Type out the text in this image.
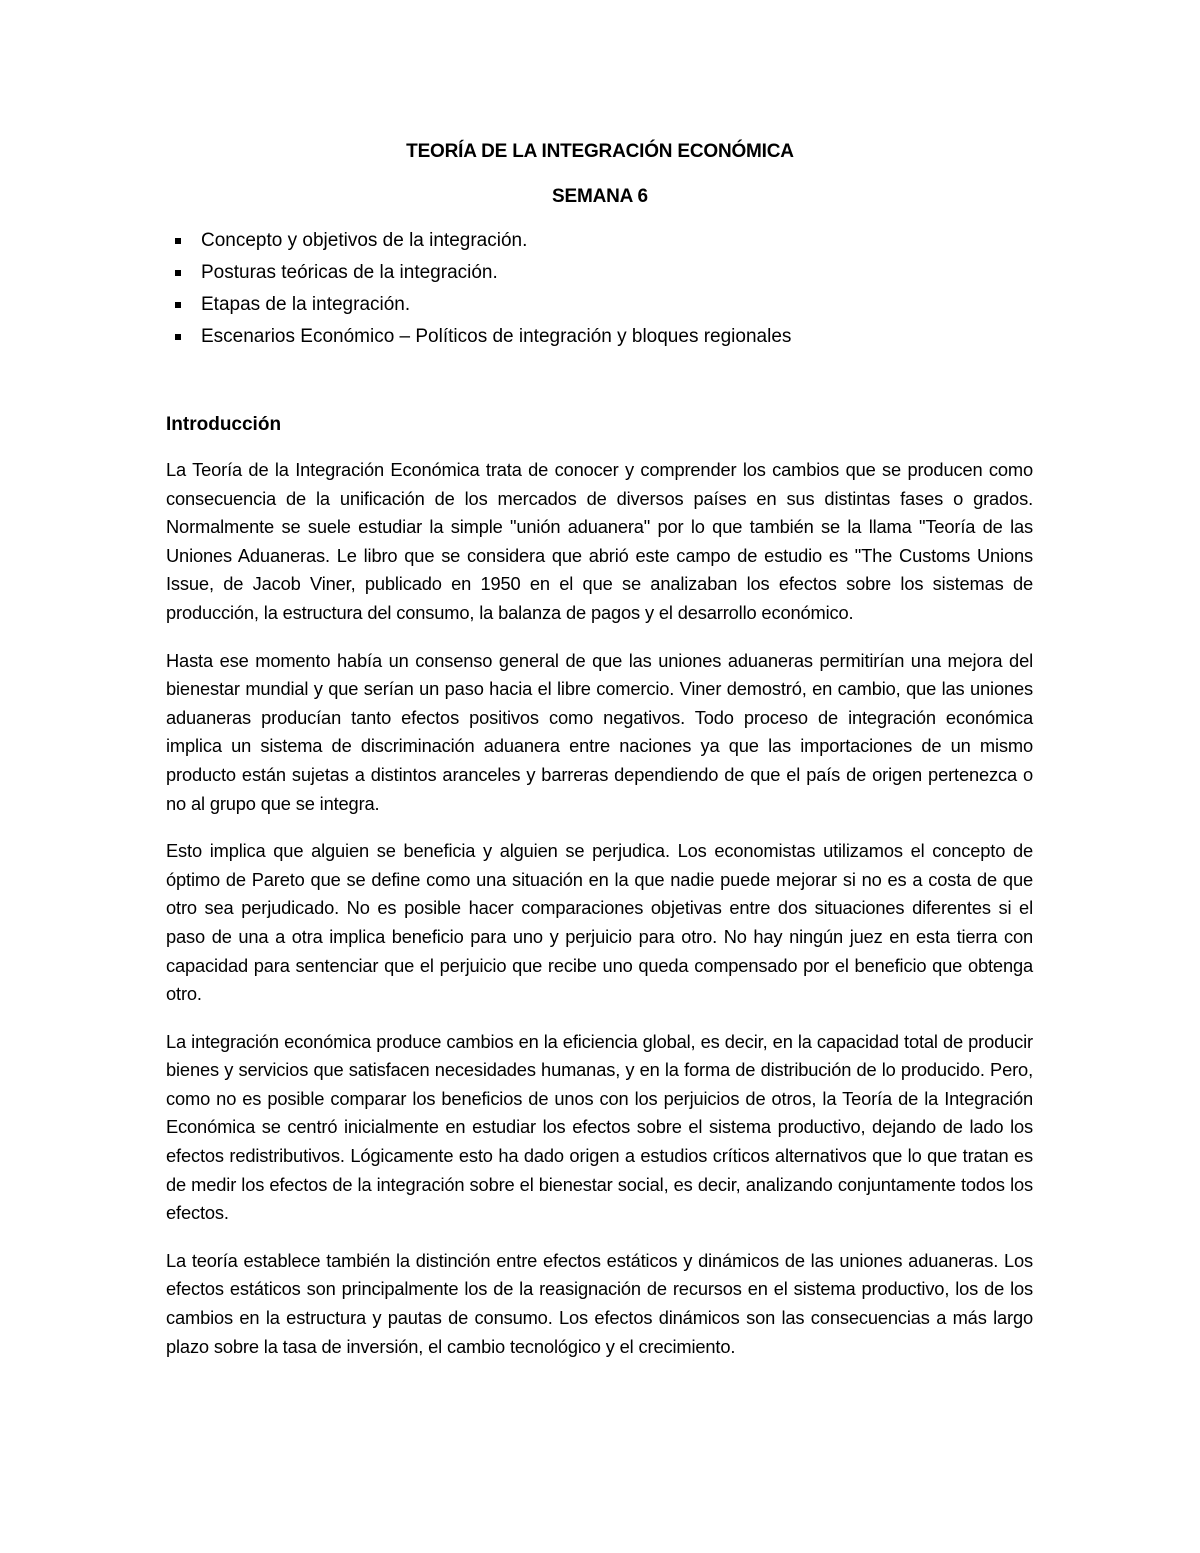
TEORÍA DE LA INTEGRACIÓN ECONÓMICA
SEMANA 6
Concepto y objetivos de la integración.
Posturas teóricas de la integración.
Etapas de la integración.
Escenarios Económico – Políticos de integración y bloques regionales
Introducción

La Teoría de la Integración Económica trata de conocer y comprender los cambios que se producen como consecuencia de la unificación de los mercados de diversos países en sus distintas fases o grados. Normalmente se suele estudiar la simple "unión aduanera" por lo que también se la llama "Teoría de las Uniones Aduaneras. Le libro que se considera que abrió este campo de estudio es "The Customs Unions Issue, de Jacob Viner, publicado en 1950 en el que se analizaban los efectos sobre los sistemas de producción, la estructura del consumo, la balanza de pagos y el desarrollo económico.

Hasta ese momento había un consenso general de que las uniones aduaneras permitirían una mejora del bienestar mundial y que serían un paso hacia el libre comercio. Viner demostró, en cambio, que las uniones aduaneras producían tanto efectos positivos como negativos. Todo proceso de integración económica implica un sistema de discriminación aduanera entre naciones ya que las importaciones de un mismo producto están sujetas a distintos aranceles y barreras dependiendo de que el país de origen pertenezca o no al grupo que se integra.

Esto implica que alguien se beneficia y alguien se perjudica. Los economistas utilizamos el concepto de óptimo de Pareto que se define como una situación en la que nadie puede mejorar si no es a costa de que otro sea perjudicado. No es posible hacer comparaciones objetivas entre dos situaciones diferentes si el paso de una a otra implica beneficio para uno y perjuicio para otro. No hay ningún juez en esta tierra con capacidad para sentenciar que el perjuicio que recibe uno queda compensado por el beneficio que obtenga otro.

La integración económica produce cambios en la eficiencia global, es decir, en la capacidad total de producir bienes y servicios que satisfacen necesidades humanas, y en la forma de distribución de lo producido. Pero, como no es posible comparar los beneficios de unos con los perjuicios de otros, la Teoría de la Integración Económica se centró inicialmente en estudiar los efectos sobre el sistema productivo, dejando de lado los efectos redistributivos. Lógicamente esto ha dado origen a estudios críticos alternativos que lo que tratan es de medir los efectos de la integración sobre el bienestar social, es decir, analizando conjuntamente todos los efectos.

La teoría establece también la distinción entre efectos estáticos y dinámicos de las uniones aduaneras. Los efectos estáticos son principalmente los de la reasignación de recursos en el sistema productivo, los de los cambios en la estructura y pautas de consumo. Los efectos dinámicos son las consecuencias a más largo plazo sobre la tasa de inversión, el cambio tecnológico y el crecimiento.
